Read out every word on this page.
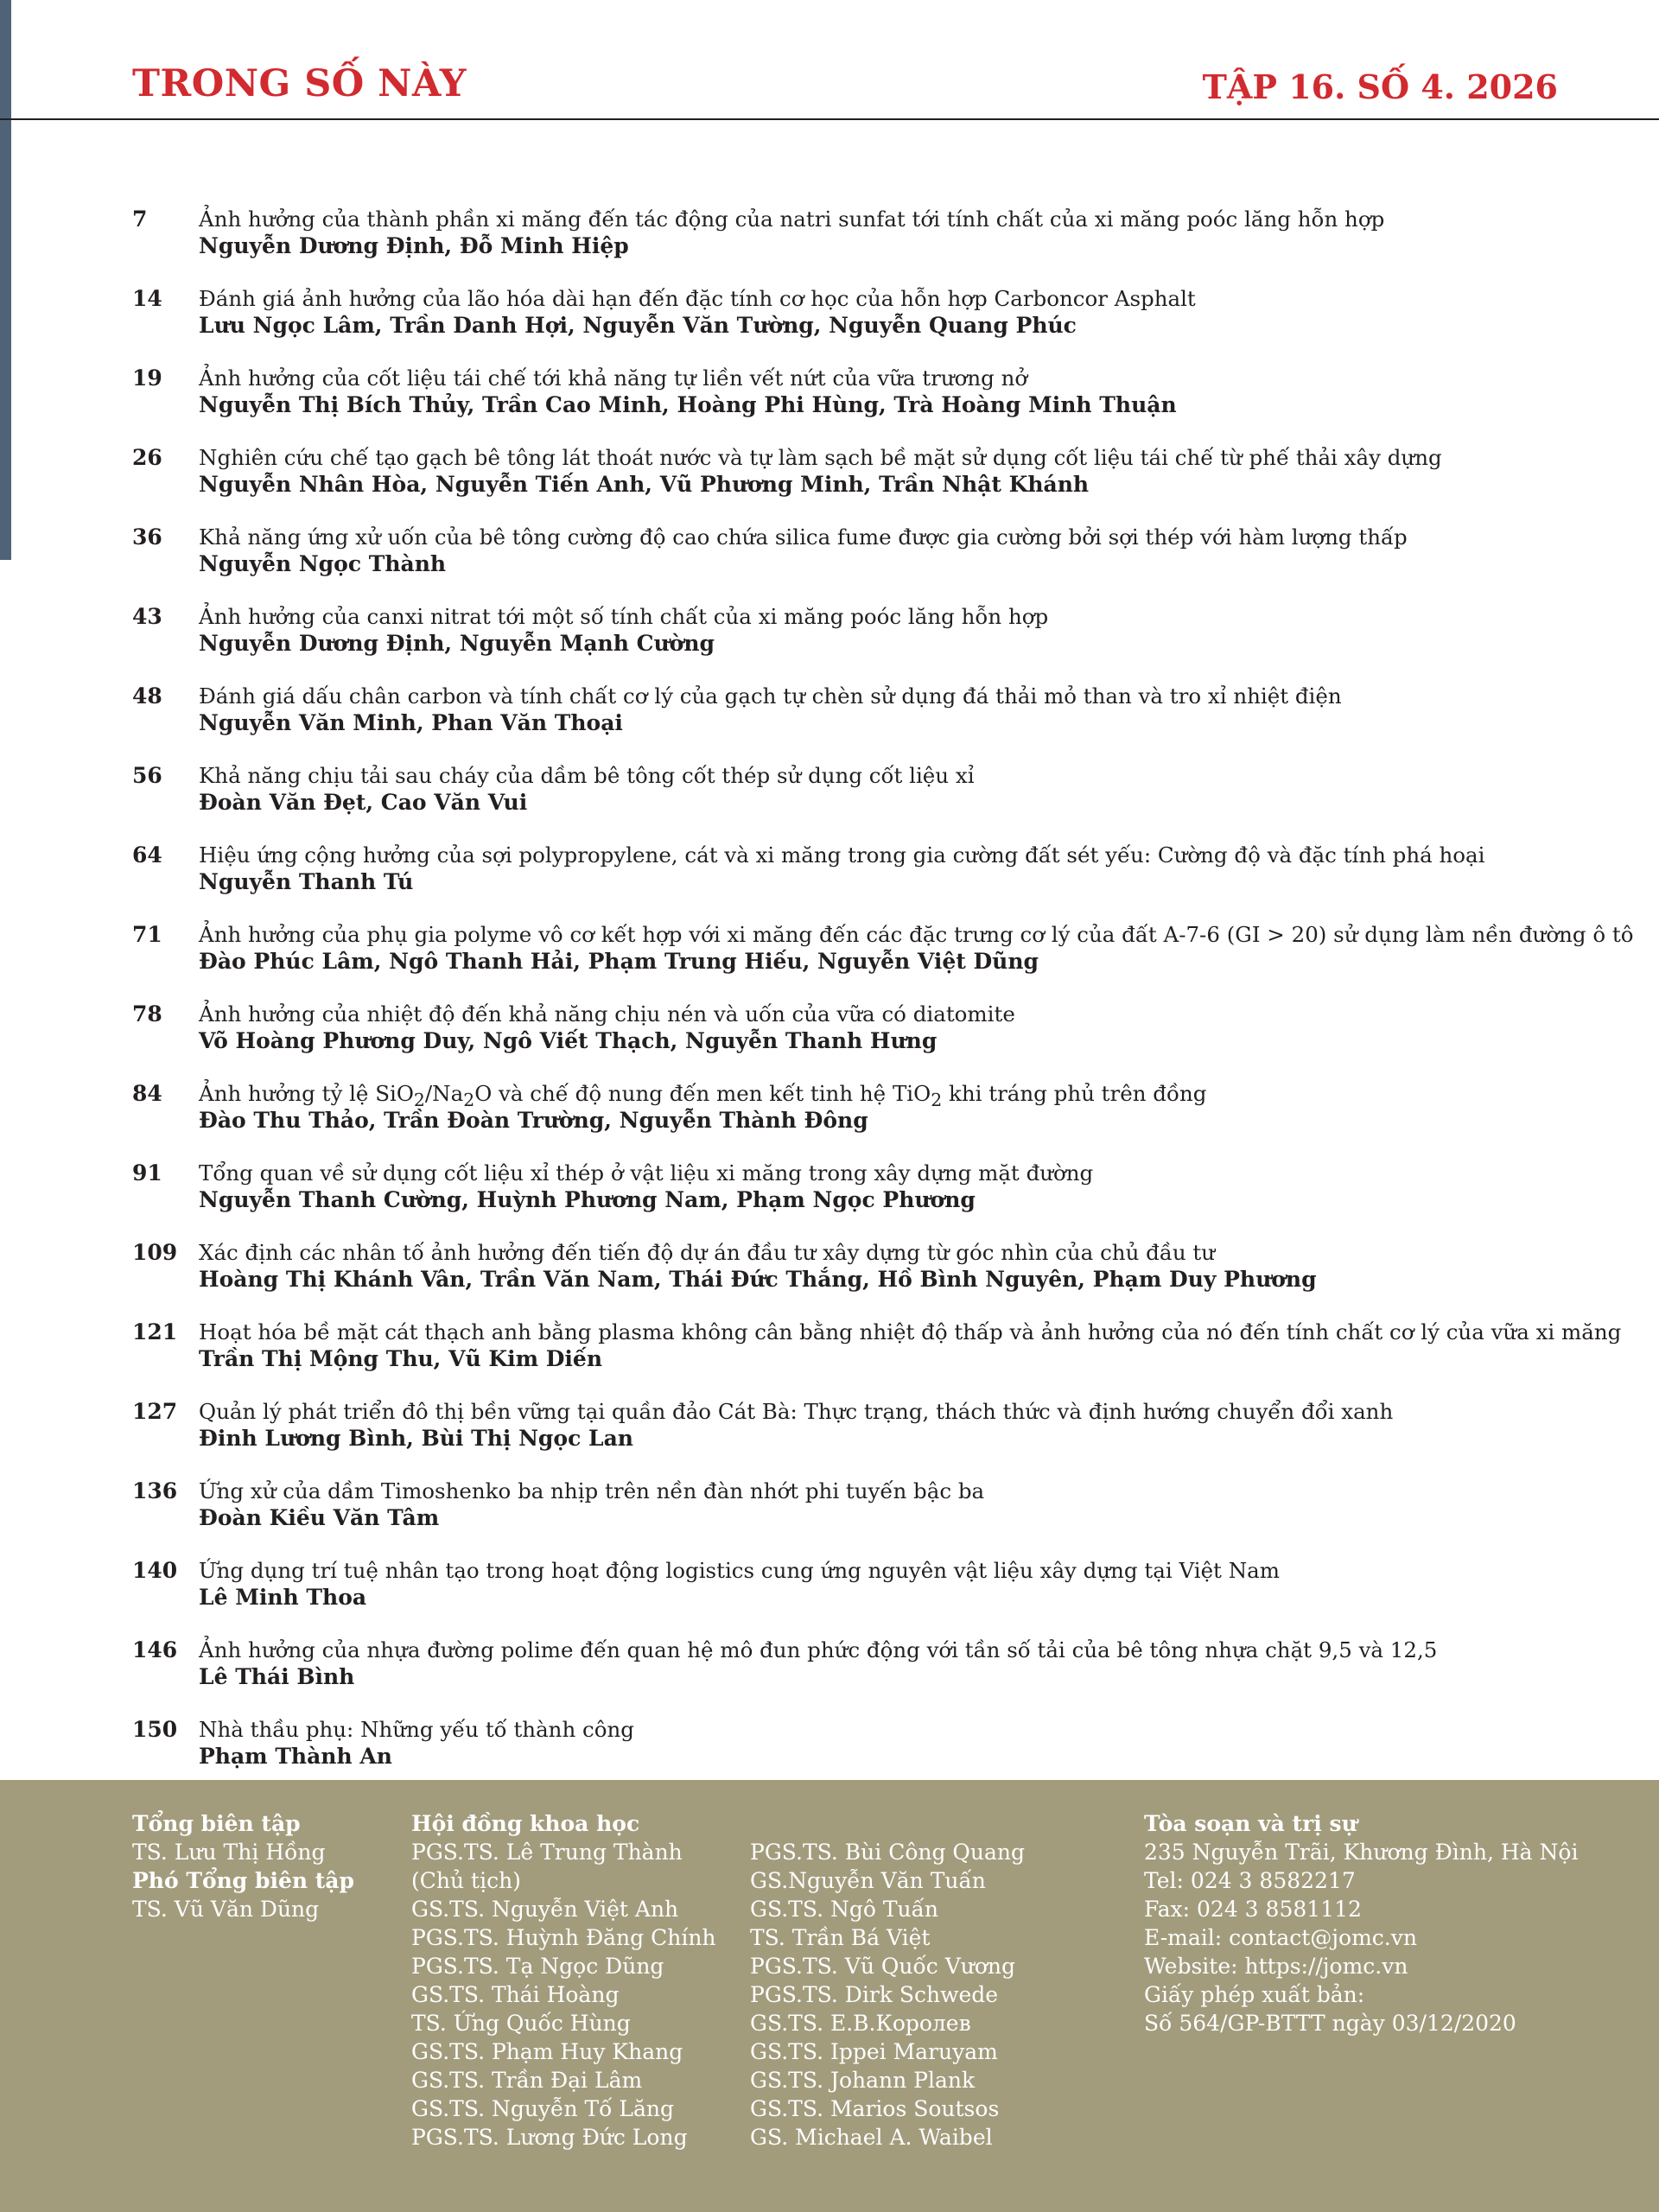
TRONG SỐ NÀY	TẬP 16. SỐ 4. 2026
7 Ảnh hưởng của thành phần xi măng đến tác động của natri sunfat tới tính chất của xi măng poóc lăng hỗn hợp
Nguyễn Dương Định, Đỗ Minh Hiệp
14 Đánh giá ảnh hưởng của lão hóa dài hạn đến đặc tính cơ học của hỗn hợp Carboncor Asphalt
Lưu Ngọc Lâm, Trần Danh Hợi, Nguyễn Văn Tường, Nguyễn Quang Phúc
19 Ảnh hưởng của cốt liệu tái chế tới khả năng tự liền vết nứt của vữa trương nở
Nguyễn Thị Bích Thủy, Trần Cao Minh, Hoàng Phi Hùng, Trà Hoàng Minh Thuận
26 Nghiên cứu chế tạo gạch bê tông lát thoát nước và tự làm sạch bề mặt sử dụng cốt liệu tái chế từ phế thải xây dựng
Nguyễn Nhân Hòa, Nguyễn Tiến Anh, Vũ Phương Minh, Trần Nhật Khánh
36 Khả năng ứng xử uốn của bê tông cường độ cao chứa silica fume được gia cường bởi sợi thép với hàm lượng thấp
Nguyễn Ngọc Thành
43 Ảnh hưởng của canxi nitrat tới một số tính chất của xi măng poóc lăng hỗn hợp
Nguyễn Dương Định, Nguyễn Mạnh Cường
48 Đánh giá dấu chân carbon và tính chất cơ lý của gạch tự chèn sử dụng đá thải mỏ than và tro xỉ nhiệt điện
Nguyễn Văn Minh, Phan Văn Thoại
56 Khả năng chịu tải sau cháy của dầm bê tông cốt thép sử dụng cốt liệu xỉ
Đoàn Văn Đẹt, Cao Văn Vui
64 Hiệu ứng cộng hưởng của sợi polypropylene, cát và xi măng trong gia cường đất sét yếu: Cường độ và đặc tính phá hoại
Nguyễn Thanh Tú
71 Ảnh hưởng của phụ gia polyme vô cơ kết hợp với xi măng đến các đặc trưng cơ lý của đất A-7-6 (GI > 20) sử dụng làm nền đường ô tô
Đào Phúc Lâm, Ngô Thanh Hải, Phạm Trung Hiếu, Nguyễn Việt Dũng
78 Ảnh hưởng của nhiệt độ đến khả năng chịu nén và uốn của vữa có diatomite
Võ Hoàng Phương Duy, Ngô Viết Thạch, Nguyễn Thanh Hưng
84 Ảnh hưởng tỷ lệ $SiO_2/Na_2O$ và chế độ nung đến men kết tinh hệ TiO$_2$ khi tráng phủ trên đồng
Đào Thu Thảo, Trần Đoàn Trường, Nguyễn Thành Đông
91 Tổng quan về sử dụng cốt liệu xỉ thép ở vật liệu xi măng trong xây dựng mặt đường
Nguyễn Thanh Cường, Huỳnh Phương Nam, Phạm Ngọc Phương
109 Xác định các nhân tố ảnh hưởng đến tiến độ dự án đầu tư xây dựng từ góc nhìn của chủ đầu tư
Hoàng Thị Khánh Vân, Trần Văn Nam, Thái Đức Thắng, Hồ Bình Nguyên, Phạm Duy Phương
121 Hoạt hóa bề mặt cát thạch anh bằng plasma không cân bằng nhiệt độ thấp và ảnh hưởng của nó đến tính chất cơ lý của vữa xi măng
Trần Thị Mộng Thu, Vũ Kim Diến
127 Quản lý phát triển đô thị bền vững tại quần đảo Cát Bà: Thực trạng, thách thức và định hướng chuyển đổi xanh
Đinh Lương Bình, Bùi Thị Ngọc Lan
136 Ứng xử của dầm Timoshenko ba nhịp trên nền đàn nhớt phi tuyến bậc ba
Đoàn Kiều Văn Tâm
140 Ứng dụng trí tuệ nhân tạo trong hoạt động logistics cung ứng nguyên vật liệu xây dựng tại Việt Nam
Lê Minh Thoa
146 Ảnh hưởng của nhựa đường polime đến quan hệ mô đun phức động với tần số tải của bê tông nhựa chặt 9,5 và 12,5
Lê Thái Bình
150 Nhà thầu phụ: Những yếu tố thành công
Phạm Thành An
Tổng biên tập
TS. Lưu Thị Hồng
Phó Tổng biên tập
TS. Vũ Văn Dũng
Hội đồng khoa học
PGS.TS. Lê Trung Thành
(Chủ tịch)
GS.TS. Nguyễn Việt Anh
PGS.TS. Huỳnh Đăng Chính
PGS.TS. Tạ Ngọc Dũng
GS.TS. Thái Hoàng
TS. Ứng Quốc Hùng
GS.TS. Phạm Huy Khang
GS.TS. Trần Đại Lâm
GS.TS. Nguyễn Tố Lăng
PGS.TS. Lương Đức Long
PGS.TS. Bùi Công Quang
GS.Nguyễn Văn Tuấn
GS.TS. Ngô Tuấn
TS. Trần Bá Việt
PGS.TS. Vũ Quốc Vương
PGS.TS. Dirk Schwede
GS.TS. E.B.Королев
GS.TS. Ippei Maruyam
GS.TS. Johann Plank
GS.TS. Marios Soutsos
GS. Michael A. Waibel
Tòa soạn và trị sự
235 Nguyễn Trãi, Khương Đình, Hà Nội
Tel: 024 3 8582217
Fax: 024 3 8581112
E-mail: contact@jomc.vn
Website: https://jomc.vn
Giấy phép xuất bản:
Số 564/GP-BTTT ngày 03/12/2020
